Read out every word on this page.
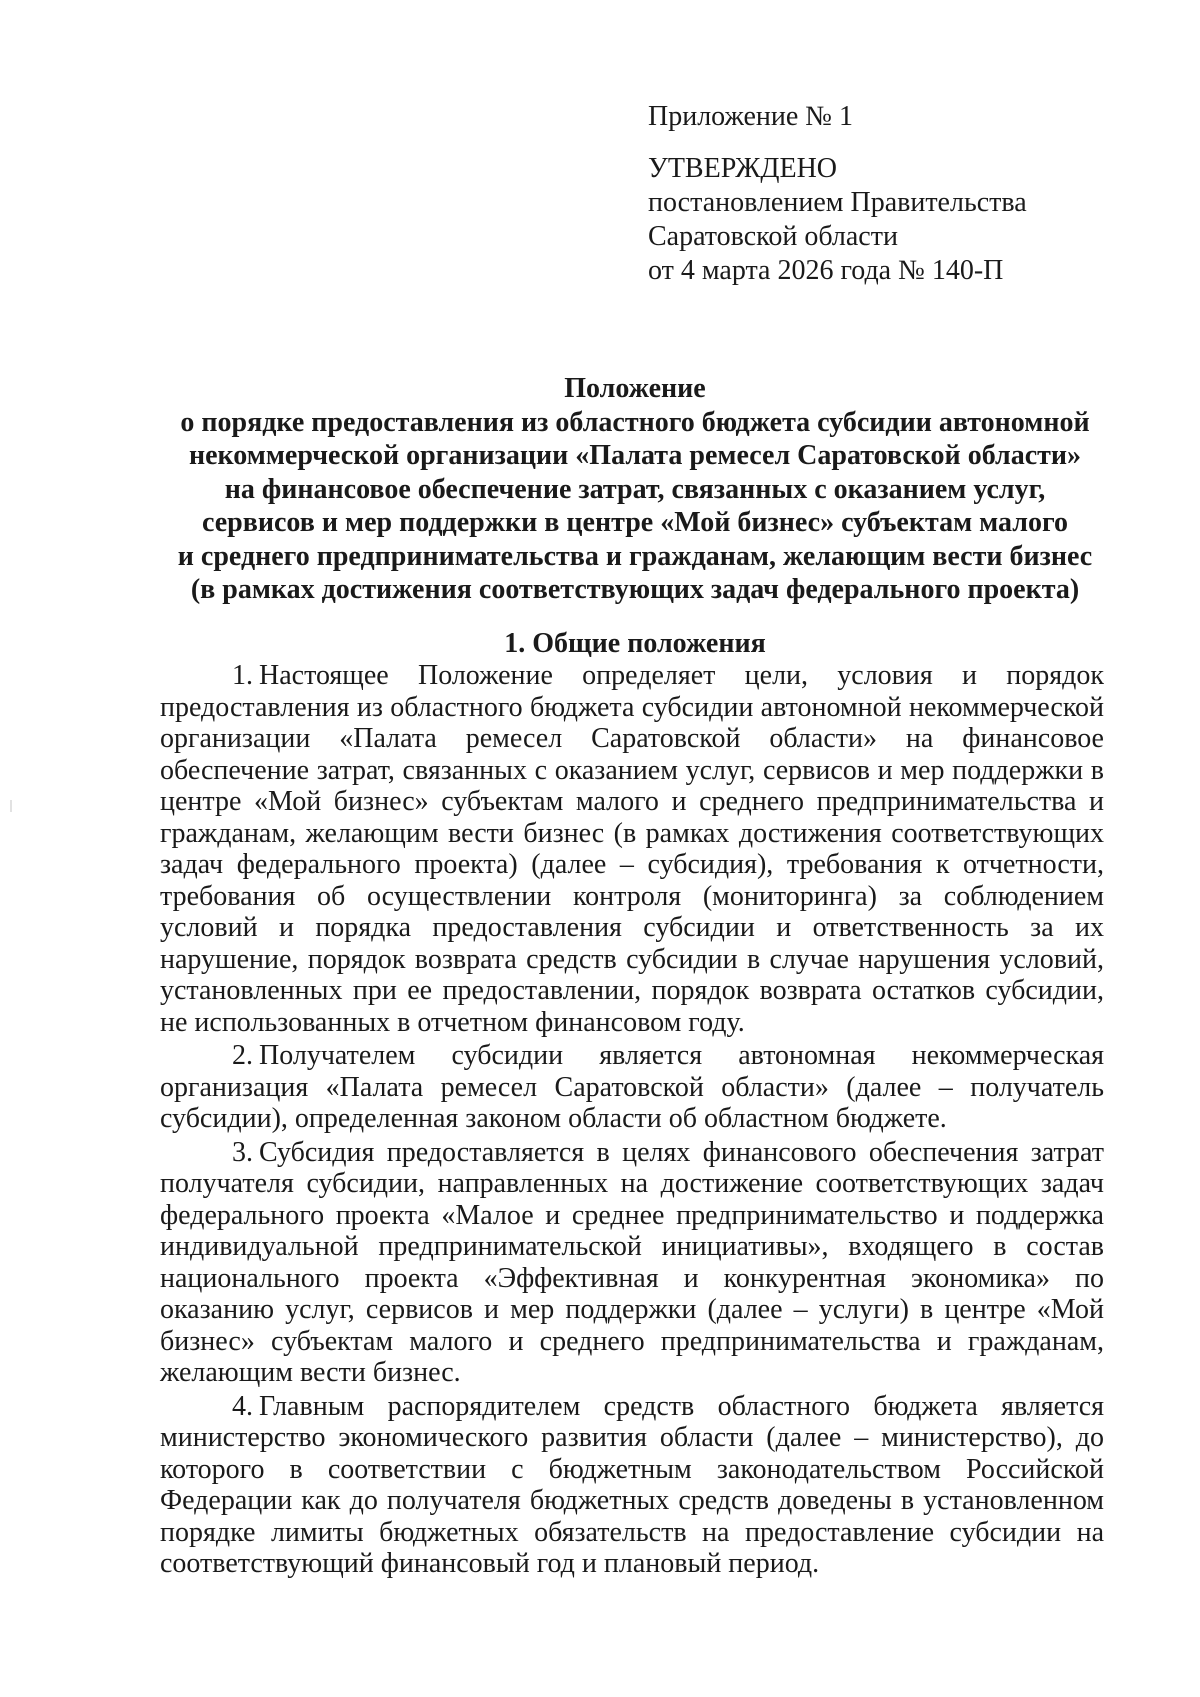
Приложение № 1

УТВЕРЖДЕНО

постановлением Правительства

Саратовской области

от 4 марта 2026 года № 140-П

Положение

о порядке предоставления из областного бюджета субсидии автономной

некоммерческой организации «Палата ремесел Саратовской области»

на финансовое обеспечение затрат, связанных с оказанием услуг,

сервисов и мер поддержки в центре «Мой бизнес» субъектам малого

и среднего предпринимательства и гражданам, желающим вести бизнес

(в рамках достижения соответствующих задач федерального проекта)

1. Общие положения

1. Настоящее Положение определяет цели, условия и порядок предоставления из областного бюджета субсидии автономной некоммерческой организации «Палата ремесел Саратовской области» на финансовое обеспечение затрат, связанных с оказанием услуг, сервисов и мер поддержки в центре «Мой бизнес» субъектам малого и среднего предпринимательства и гражданам, желающим вести бизнес (в рамках достижения соответствующих задач федерального проекта) (далее – субсидия), требования к отчетности, требования об осуществлении контроля (мониторинга) за соблюдением условий и порядка предоставления субсидии и ответственность за их нарушение, порядок возврата средств субсидии в случае нарушения условий, установленных при ее предоставлении, порядок возврата остатков субсидии, не использованных в отчетном финансовом году.

2. Получателем субсидии является автономная некоммерческая организация «Палата ремесел Саратовской области» (далее – получатель субсидии), определенная законом области об областном бюджете.

3. Субсидия предоставляется в целях финансового обеспечения затрат получателя субсидии, направленных на достижение соответствующих задач федерального проекта «Малое и среднее предпринимательство и поддержка индивидуальной предпринимательской инициативы», входящего в состав национального проекта «Эффективная и конкурентная экономика» по оказанию услуг, сервисов и мер поддержки (далее – услуги) в центре «Мой бизнес» субъектам малого и среднего предпринимательства и гражданам, желающим вести бизнес.

4. Главным распорядителем средств областного бюджета является министерство экономического развития области (далее – министерство), до которого в соответствии с бюджетным законодательством Российской Федерации как до получателя бюджетных средств доведены в установленном порядке лимиты бюджетных обязательств на предоставление субсидии на соответствующий финансовый год и плановый период.
